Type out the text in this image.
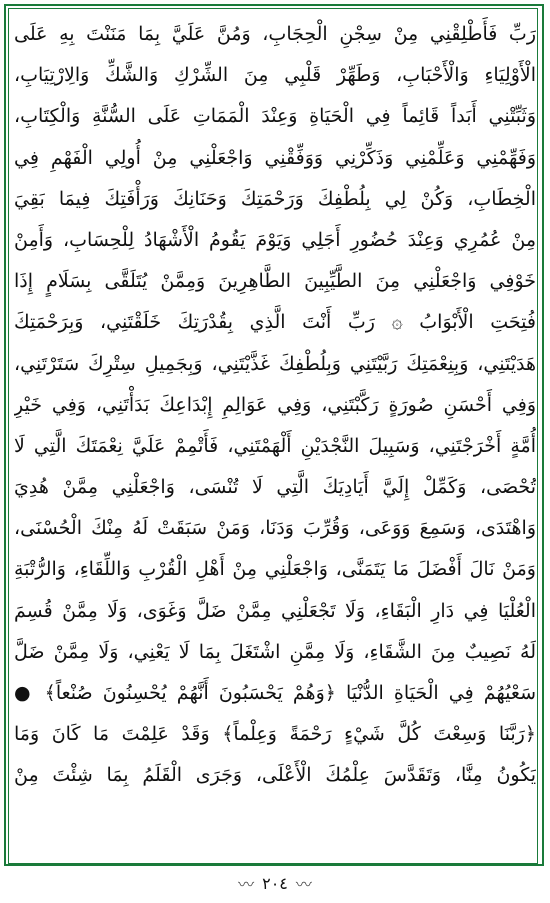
رَبِّ فَأَطْلِقْنِي مِنْ سِجْنِ الْحِجَابِ، وَمُنَّ عَلَيَّ بِمَا مَنَنْتَ بِهِ عَلَى
الْأَوْلِيَاءِ وَالْأَحْبَابِ، وَطَهِّرْ قَلْبِي مِنَ الشِّرْكِ وَالشَّكِّ وَالِارْتِيَابِ،
وَثَبِّتْنِي أَبَداً قَائِماً فِي الْحَيَاةِ وَعِنْدَ الْمَمَاتِ عَلَى السُّنَّةِ وَالْكِتَابِ،
وَفَهِّمْنِي وَعَلِّمْنِي وَذَكِّرْنِي وَوَفِّقْنِي وَاجْعَلْنِي مِنْ أُولِي الْفَهْمِ فِي
الْخِطَابِ، وَكُنْ لِي بِلُطْفِكَ وَرَحْمَتِكَ وَحَنَانِكَ وَرَأْفَتِكَ فِيمَا بَقِيَ
مِنْ عُمُرِي وَعِنْدَ حُضُورِ أَجَلِي وَيَوْمَ يَقُومُ الْأَشْهَادُ لِلْحِسَابِ، وَأَمِنْ
خَوْفِي وَاجْعَلْنِي مِنَ الطَّيِّبِينَ الطَّاهِرِينَ وَمِمَّنْ يُتَلَقَّى بِسَلَامٍ إِذَا
فُتِحَتِ الْأَبْوَابُ ۞ رَبِّ أَنْتَ الَّذِي بِقُدْرَتِكَ خَلَقْتَنِي، وَبِرَحْمَتِكَ
هَدَيْتَنِي، وَبِنِعْمَتِكَ رَبَّيْتَنِي وَبِلُطْفِكَ غَذَّيْتَنِي، وَبِجَمِيلِ سِتْرِكَ سَتَرْتَنِي،
وَفِي أَحْسَنِ صُورَةٍ رَكَّبْتَنِي، وَفِي عَوَالِمِ إِبْدَاعِكَ بَدَأْتَنِي، وَفِي خَيْرِ
أُمَّةٍ أَخْرَجْتَنِي، وَسَبِيلَ النَّجْدَيْنِ أَلْهَمْتَنِي، فَأَتْمِمْ عَلَيَّ نِعْمَتَكَ الَّتِي لَا
تُحْصَى، وَكَمِّلْ إِلَيَّ أَيَادِيَكَ الَّتِي لَا تُنْسَى، وَاجْعَلْنِي مِمَّنْ هُدِيَ
وَاهْتَدَى، وَسَمِعَ وَوَعَى، وَقُرِّبَ وَدَنَا، وَمَنْ سَبَقَتْ لَهُ مِنْكَ الْحُسْنَى،
وَمَنْ نَالَ أَفْضَلَ مَا يَتَمَنَّى، وَاجْعَلْنِي مِنْ أَهْلِ الْقُرْبِ وَاللِّقَاءِ، وَالرُّتْبَةِ
الْعُلْيَا فِي دَارِ الْبَقَاءِ، وَلَا تَجْعَلْنِي مِمَّنْ ضَلَّ وَغَوَى، وَلَا مِمَّنْ قُسِمَ
لَهُ نَصِيبٌ مِنَ الشَّقَاءِ، وَلَا مِمَّنِ اشْتَغَلَ بِمَا لَا يَعْنِي، وَلَا مِمَّنْ ضَلَّ
سَعْيُهُمْ فِي الْحَيَاةِ الدُّنْيَا ﴿وَهُمْ يَحْسَبُونَ أَنَّهُمْ يُحْسِنُونَ صُنْعاً﴾ ●
﴿رَبَّنَا وَسِعْتَ كُلَّ شَيْءٍ رَحْمَةً وَعِلْماً﴾ وَقَدْ عَلِمْتَ مَا كَانَ وَمَا
يَكُونُ مِنَّا، وَتَقَدَّسَ عِلْمُكَ الْأَعْلَى، وَجَرَى الْقَلَمُ بِمَا شِئْتَ مِنْ
〰 ٢٠٤ 〰
